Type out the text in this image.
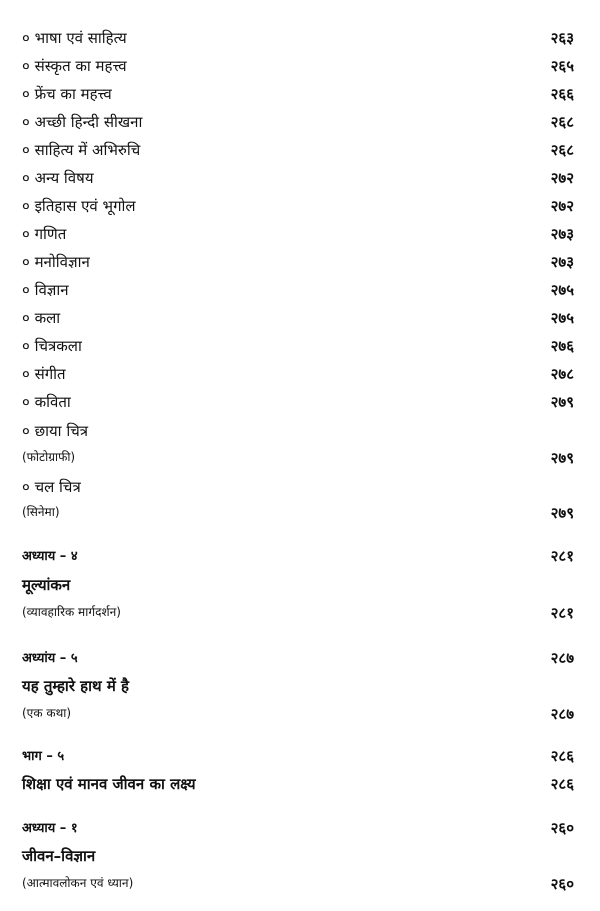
० भाषा एवं साहित्य	२६३
० संस्कृत का महत्त्व	२६५
० फ्रेंच का महत्त्व	२६६
० अच्छी हिन्दी सीखना	२६८
० साहित्य में अभिरुचि	२६८
० अन्य विषय	२७२
० इतिहास एवं भूगोल	२७२
० गणित	२७३
० मनोविज्ञान	२७३
० विज्ञान	२७५
० कला	२७५
० चित्रकला	२७६
० संगीत	२७८
० कविता	२७९
० छाया चित्र
(फोटोग्राफी)	२७९
० चल चित्र
(सिनेमा)	२७९
अध्याय – ४	२८१
मूल्यांकन
(व्यावहारिक मार्गदर्शन)	२८१
अध्यांय – ५	२८७
यह तुम्हारे हाथ में है
(एक कथा)	२८७
भाग – ५	२८६
शिक्षा एवं मानव जीवन का लक्ष्य	२८६
अध्याय – १	२६०
जीवन–विज्ञान
(आत्मावलोकन एवं ध्यान)	२६०
